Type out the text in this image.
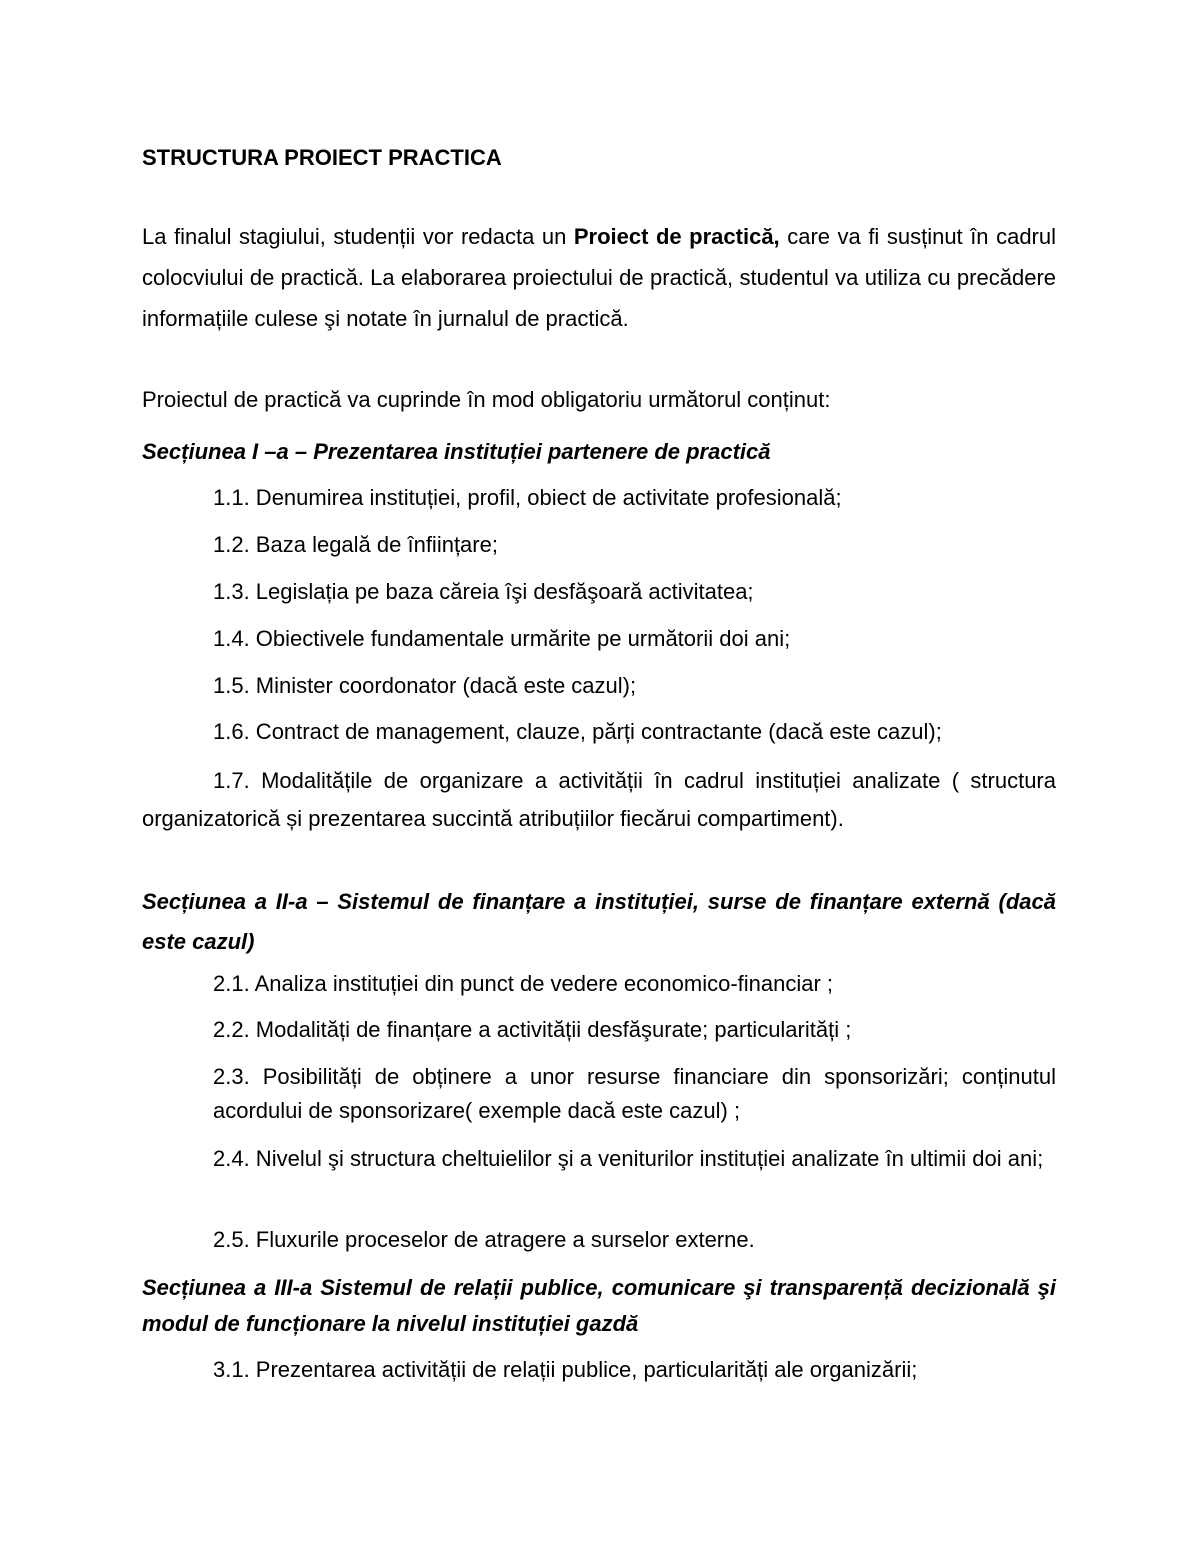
STRUCTURA PROIECT PRACTICA

La finalul stagiului, studenții vor redacta un Proiect de practică, care va fi susținut în cadrul colocviului de practică. La elaborarea proiectului de practică, studentul va utiliza cu precădere informațiile culese şi notate în jurnalul de practică.

Proiectul de practică va cuprinde în mod obligatoriu următorul conținut:

Secțiunea I –a – Prezentarea instituției partenere de practică

1.1. Denumirea instituției, profil, obiect de activitate profesională;
1.2. Baza legală de înființare;
1.3. Legislația pe baza căreia îşi desfăşoară activitatea;
1.4. Obiectivele fundamentale urmărite pe următorii doi ani;
1.5. Minister coordonator (dacă este cazul);
1.6. Contract de management, clauze, părți contractante (dacă este cazul);
1.7. Modalitățile de organizare a activității în cadrul instituției analizate ( structura organizatorică și prezentarea succintă atribuțiilor fiecărui compartiment).

Secțiunea a II-a – Sistemul de finanțare a instituției, surse de finanțare externă (dacă este cazul)

2.1. Analiza instituției din punct de vedere economico-financiar ;
2.2. Modalități de finanțare a activității desfăşurate; particularități ;
2.3. Posibilități de obținere a unor resurse financiare din sponsorizări; conținutul acordului de sponsorizare( exemple dacă este cazul) ;
2.4. Nivelul şi structura cheltuielilor şi a veniturilor instituției analizate în ultimii doi ani;
2.5. Fluxurile proceselor de atragere a surselor externe.

Secțiunea a III-a Sistemul de relații publice, comunicare şi transparență decizională şi modul de funcționare la nivelul instituției gazdă

3.1. Prezentarea activității de relații publice, particularități ale organizării;
